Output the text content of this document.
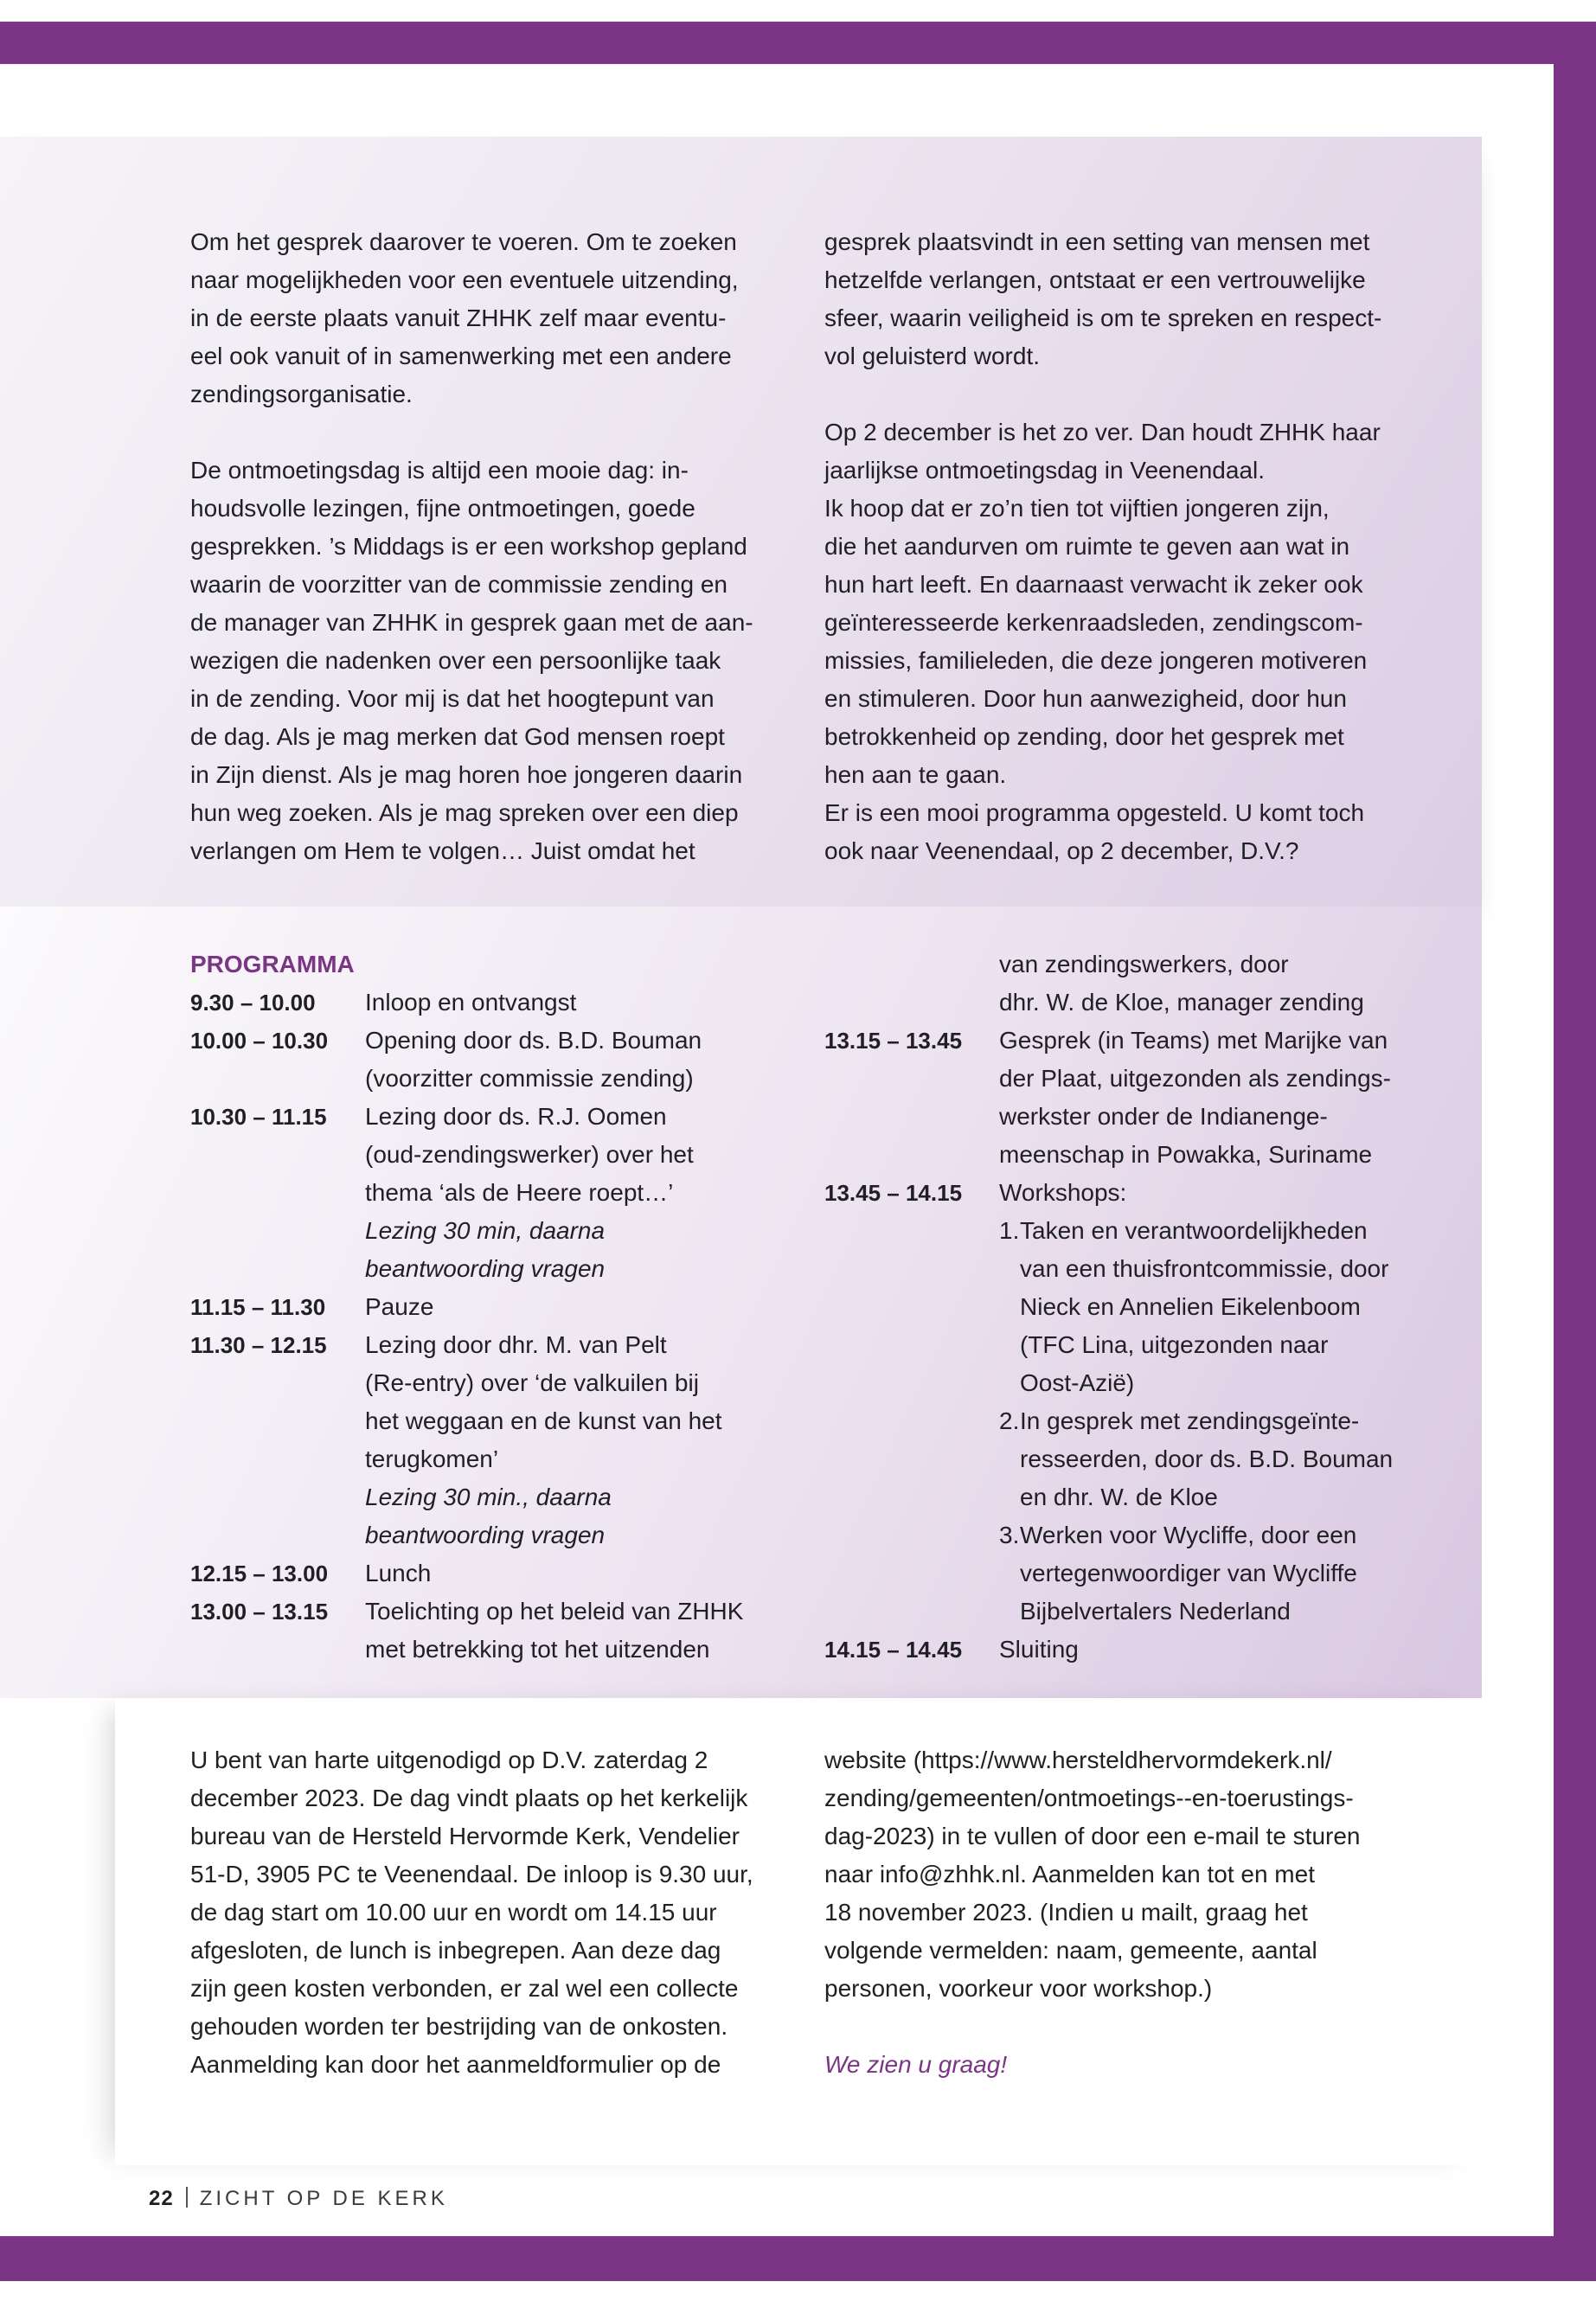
Om het gesprek daarover te voeren. Om te zoeken
naar mogelijkheden voor een eventuele uitzending,
in de eerste plaats vanuit ZHHK zelf maar eventu-
eel ook vanuit of in samenwerking met een andere
zendingsorganisatie.

De ontmoetingsdag is altijd een mooie dag: in-
houdsvolle lezingen, fijne ontmoetingen, goede
gesprekken. ’s Middags is er een workshop gepland
waarin de voorzitter van de commissie zending en
de manager van ZHHK in gesprek gaan met de aan-
wezigen die nadenken over een persoonlijke taak
in de zending. Voor mij is dat het hoogtepunt van
de dag. Als je mag merken dat God mensen roept
in Zijn dienst. Als je mag horen hoe jongeren daarin
hun weg zoeken. Als je mag spreken over een diep
verlangen om Hem te volgen… Juist omdat het

gesprek plaatsvindt in een setting van mensen met
hetzelfde verlangen, ontstaat er een vertrouwelijke
sfeer, waarin veiligheid is om te spreken en respect-
vol geluisterd wordt.

Op 2 december is het zo ver. Dan houdt ZHHK haar
jaarlijkse ontmoetingsdag in Veenendaal.

Ik hoop dat er zo’n tien tot vijftien jongeren zijn,
die het aandurven om ruimte te geven aan wat in
hun hart leeft. En daarnaast verwacht ik zeker ook
geïnteresseerde kerkenraadsleden, zendingscom-
missies, familieleden, die deze jongeren motiveren
en stimuleren. Door hun aanwezigheid, door hun
betrokkenheid op zending, door het gesprek met
hen aan te gaan.

Er is een mooi programma opgesteld. U komt toch
ook naar Veenendaal, op 2 december, D.V.?

PROGRAMMA
9.30 – 10.00	Inloop en ontvangst
10.00 – 10.30	Opening door ds. B.D. Bouman
(voorzitter commissie zending)
10.30 – 11.15	Lezing door ds. R.J. Oomen
(oud-zendingswerker) over het
thema ‘als de Heere roept…’
Lezing 30 min, daarna
beantwoording vragen
11.15 – 11.30	Pauze
11.30 – 12.15	Lezing door dhr. M. van Pelt
(Re-entry) over ‘de valkuilen bij
het weggaan en de kunst van het
terugkomen’
Lezing 30 min., daarna
beantwoording vragen
12.15 – 13.00	Lunch
13.00 – 13.15	Toelichting op het beleid van ZHHK
met betrekking tot het uitzenden
van zendingswerkers, door
dhr. W. de Kloe, manager zending
13.15 – 13.45	Gesprek (in Teams) met Marijke van
der Plaat, uitgezonden als zendings-
werkster onder de Indianenge-
meenschap in Powakka, Suriname
13.45 – 14.15	Workshops:
1. Taken en verantwoordelijkheden
van een thuisfrontcommissie, door
Nieck en Annelien Eikelenboom
(TFC Lina, uitgezonden naar
Oost-Azië)
2. In gesprek met zendingsgeïnte-
resseerden, door ds. B.D. Bouman
en dhr. W. de Kloe
3. Werken voor Wycliffe, door een
vertegenwoordiger van Wycliffe
Bijbelvertalers Nederland
14.15 – 14.45	Sluiting
U bent van harte uitgenodigd op D.V. zaterdag 2
december 2023. De dag vindt plaats op het kerkelijk
bureau van de Hersteld Hervormde Kerk, Vendelier
51-D, 3905 PC te Veenendaal. De inloop is 9.30 uur,
de dag start om 10.00 uur en wordt om 14.15 uur
afgesloten, de lunch is inbegrepen. Aan deze dag
zijn geen kosten verbonden, er zal wel een collecte
gehouden worden ter bestrijding van de onkosten.
Aanmelding kan door het aanmeldformulier op de
website (https://www.hersteldhervormdekerk.nl/
zending/gemeenten/ontmoetings--en-toerustings-
dag-2023) in te vullen of door een e-mail te sturen
naar info@zhhk.nl. Aanmelden kan tot en met
18 november 2023. (Indien u mailt, graag het
volgende vermelden: naam, gemeente, aantal
personen, voorkeur voor workshop.)

We zien u graag!

22 ZICHT OP DE KERK
